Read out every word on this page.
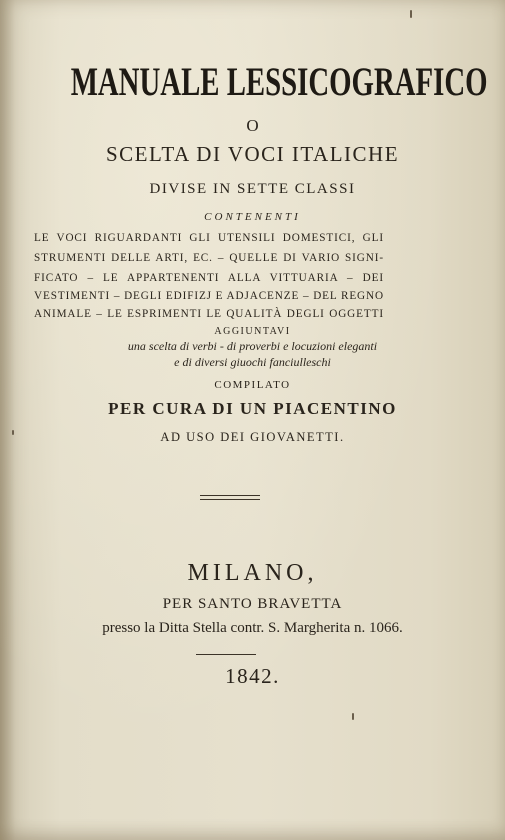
MANUALE LESSICOGRAFICO
O
SCELTA DI VOCI ITALICHE
DIVISE IN SETTE CLASSI
CONTENENTI
LE VOCI RIGUARDANTI GLI UTENSILI DOMESTICI, GLI
STRUMENTI DELLE ARTI, EC. – QUELLE DI VARIO SIGNI-
FICATO – LE APPARTENENTI ALLA VITTUARIA – DEI
VESTIMENTI – DEGLI EDIFIZJ E ADJACENZE – DEL REGNO
ANIMALE – LE ESPRIMENTI LE QUALITÀ DEGLI OGGETTI
AGGIUNTAVI
una scelta di verbi - di proverbi e locuzioni eleganti
e di diversi giuochi fanciulleschi
COMPILATO
PER CURA DI UN PIACENTINO
AD USO DEI GIOVANETTI.
MILANO,
PER SANTO BRAVETTA
presso la Ditta Stella contr. S. Margherita n. 1066.
1842.
